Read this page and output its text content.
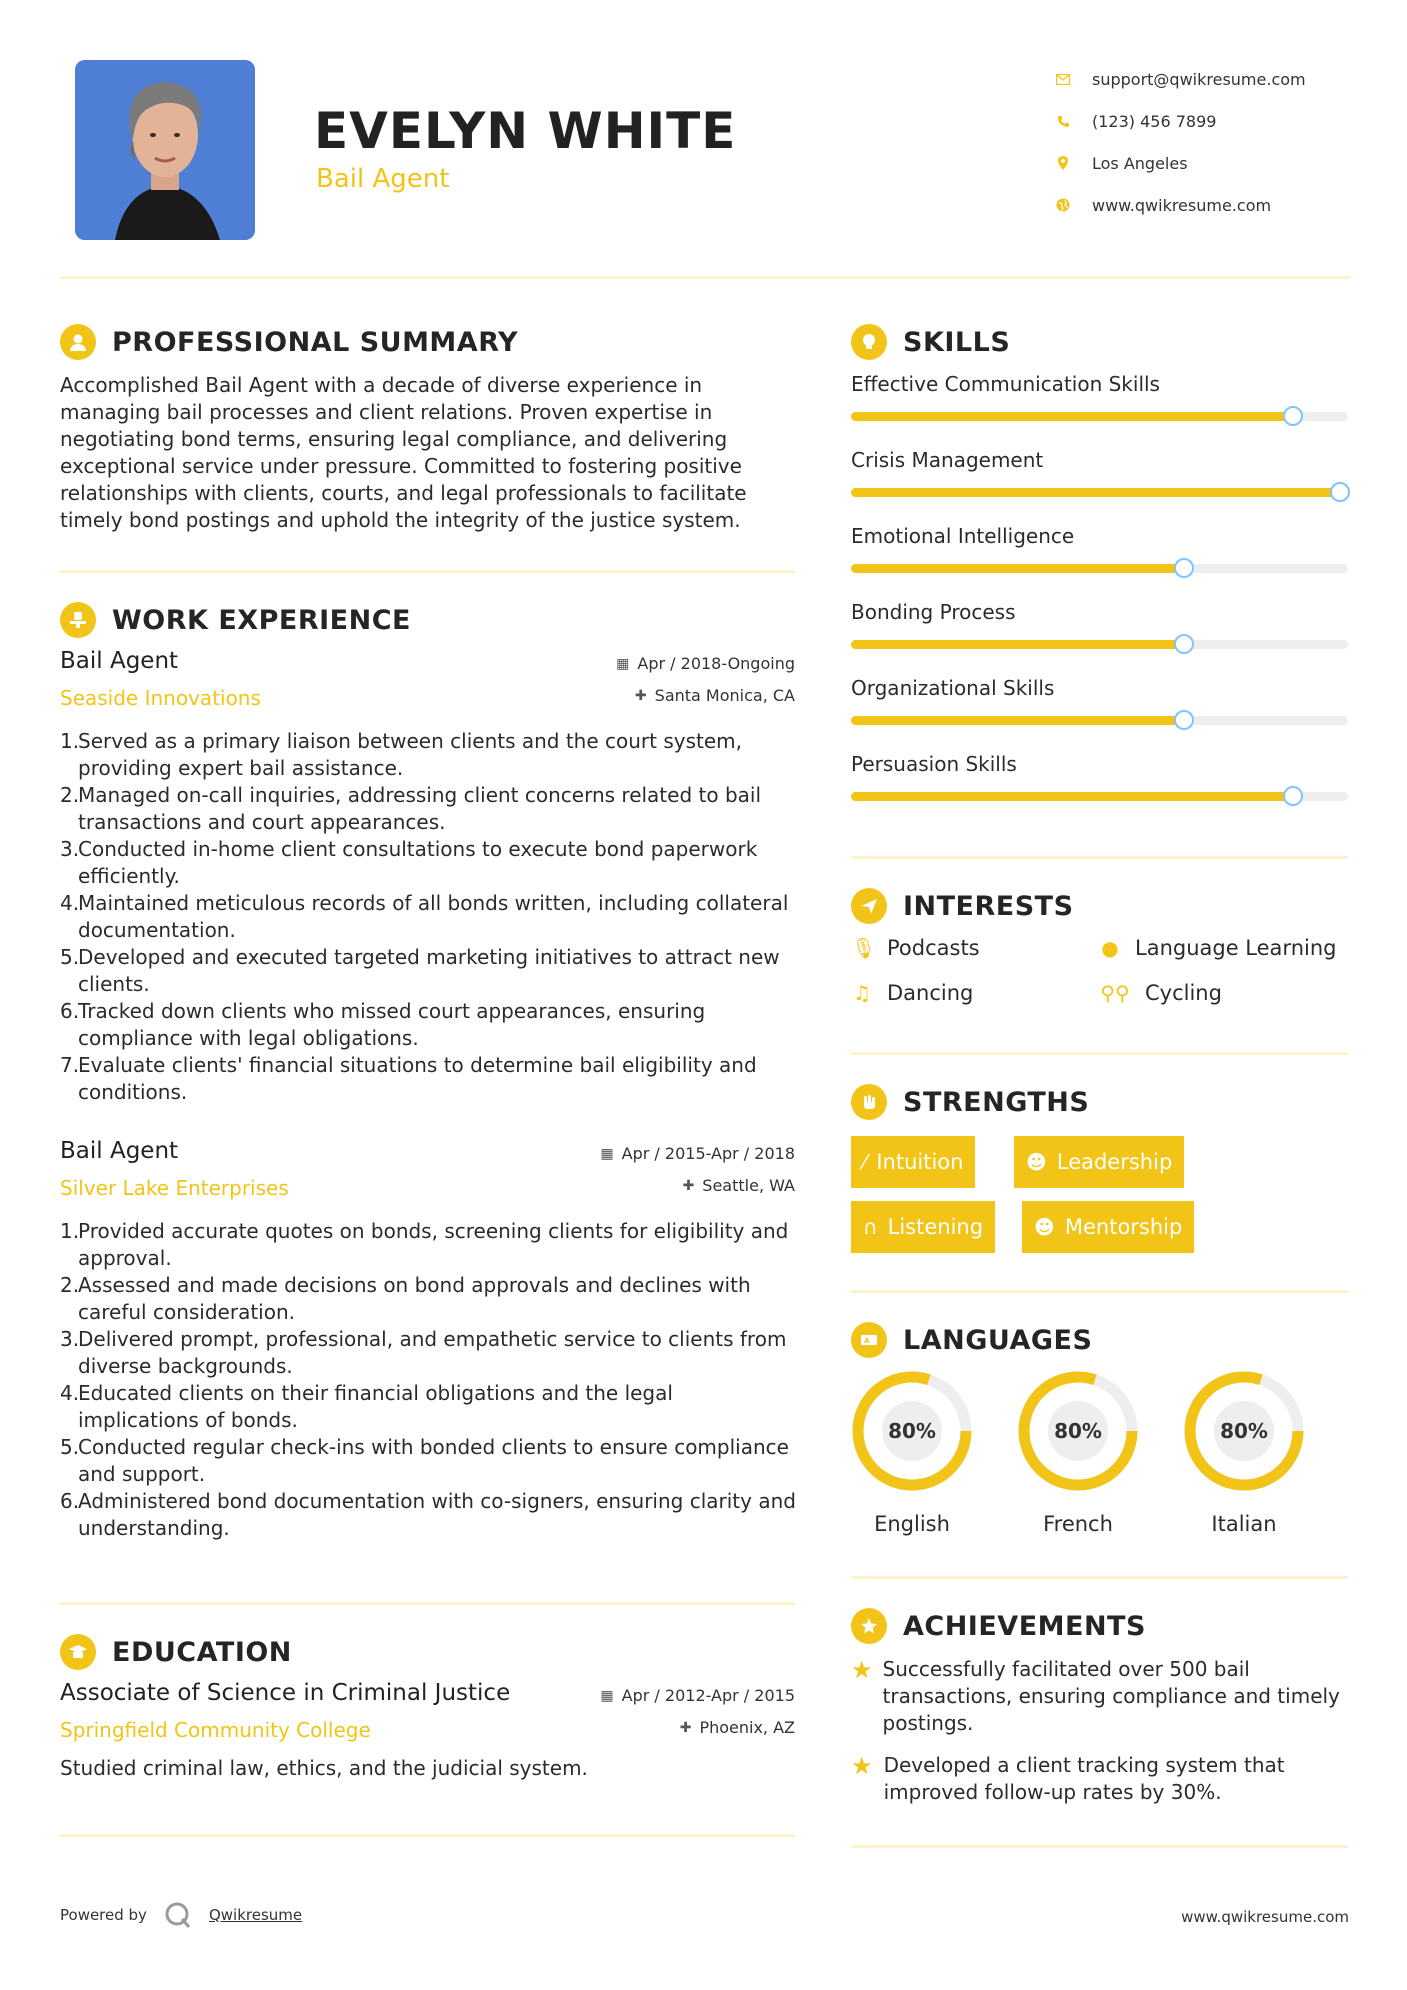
EVELYN WHITE
Bail Agent
support@qwikresume.com
(123) 456 7899
Los Angeles
www.qwikresume.com
PROFESSIONAL SUMMARY
Accomplished Bail Agent with a decade of diverse experience in managing bail processes and client relations. Proven expertise in negotiating bond terms, ensuring legal compliance, and delivering exceptional service under pressure. Committed to fostering positive relationships with clients, courts, and legal professionals to facilitate timely bond postings and uphold the integrity of the justice system.
WORK EXPERIENCE
Bail Agent
Seaside Innovations
▦ Apr / 2018-Ongoing
✚ Santa Monica, CA
1.
Served as a primary liaison between clients and the court system, providing expert bail assistance.
2.
Managed on-call inquiries, addressing client concerns related to bail transactions and court appearances.
3.
Conducted in-home client consultations to execute bond paperwork efficiently.
4.
Maintained meticulous records of all bonds written, including collateral documentation.
5.
Developed and executed targeted marketing initiatives to attract new clients.
6.
Tracked down clients who missed court appearances, ensuring compliance with legal obligations.
7.
Evaluate clients' financial situations to determine bail eligibility and conditions.
Bail Agent
Silver Lake Enterprises
▦ Apr / 2015-Apr / 2018
✚ Seattle, WA
1.
Provided accurate quotes on bonds, screening clients for eligibility and approval.
2.
Assessed and made decisions on bond approvals and declines with careful consideration.
3.
Delivered prompt, professional, and empathetic service to clients from diverse backgrounds.
4.
Educated clients on their financial obligations and the legal implications of bonds.
5.
Conducted regular check-ins with bonded clients to ensure compliance and support.
6.
Administered bond documentation with co-signers, ensuring clarity and understanding.
EDUCATION
Associate of Science in Criminal Justice
Springfield Community College
▦ Apr / 2012-Apr / 2015
✚ Phoenix, AZ
Studied criminal law, ethics, and the judicial system.
SKILLS
Effective Communication Skills
Crisis Management
Emotional Intelligence
Bonding Process
Organizational Skills
Persuasion Skills
INTERESTS
🎙 Podcasts	● Language Learning
♫ Dancing	⚲⚲ Cycling
STRENGTHS
⁄ Intuition	☻ Leadership
∩ Listening	☻ Mentorship
A LANGUAGES
80%
English
80%
French
80%
Italian
ACHIEVEMENTS
★ Successfully facilitated over 500 bail transactions, ensuring compliance and timely postings.
★ Developed a client tracking system that improved follow-up rates by 30%.
Powered by	Qwikresume	www.qwikresume.com
